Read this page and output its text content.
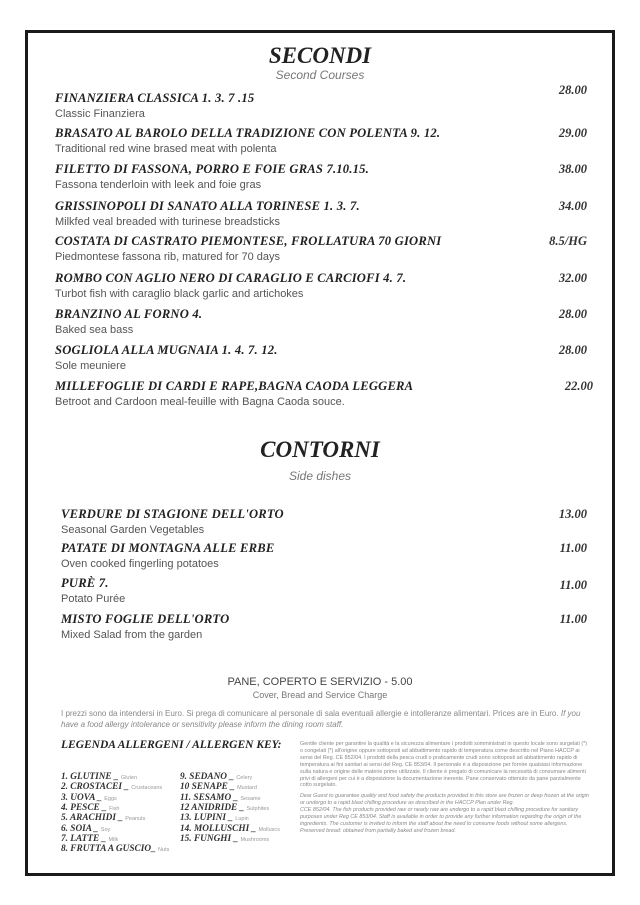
SECONDI
Second Courses
FINANZIERA CLASSICA 1. 3. 7 .15
Classic Finanziera
28.00
BRASATO AL BAROLO DELLA TRADIZIONE CON POLENTA 9. 12.
Traditional red wine brased meat with polenta
29.00
FILETTO DI FASSONA, PORRO E FOIE GRAS 7.10.15.
Fassona tenderloin with leek and foie gras
38.00
GRISSINOPOLI DI SANATO ALLA TORINESE 1. 3. 7.
Milkfed veal breaded with turinese breadsticks
34.00
COSTATA DI CASTRATO PIEMONTESE, FROLLATURA 70 GIORNI
Piedmontese fassona rib, matured for 70 days
8.5/HG
ROMBO CON AGLIO NERO DI CARAGLIO E CARCIOFI 4. 7.
Turbot fish with caraglio black garlic and artichokes
32.00
BRANZINO AL FORNO 4.
Baked sea bass
28.00
SOGLIOLA ALLA MUGNAIA 1. 4. 7. 12.
Sole meuniere
28.00
MILLEFOGLIE DI CARDI E RAPE,BAGNA CAODA LEGGERA
Betroot and Cardoon meal-feuille with Bagna Caoda souce.
22.00
CONTORNI
Side dishes
VERDURE DI STAGIONE DELL'ORTO
Seasonal Garden Vegetables
13.00
PATATE DI MONTAGNA ALLE ERBE
Oven cooked fingerling potatoes
11.00
PURÈ 7.
Potato Purée
11.00
MISTO FOGLIE DELL'ORTO
Mixed Salad from the garden
11.00
PANE, COPERTO E SERVIZIO - 5.00
Cover, Bread and Service Charge
I prezzi sono da intendersi in Euro. Si prega di comunicare al personale di sala eventuali allergie e intolleranze alimentari. Prices are in Euro. If you have a food allergy intolerance or sensitivity please inform the dining room staff.
LEGENDA ALLERGENI / ALLERGEN KEY:
1. GLUTINE _ Gluten
2. CROSTACEI _ Crustaceans
3. UOVA _ Eggs
4. PESCE _ Fish
5. ARACHIDI _ Peanuts
6. SOIA _ Soy
7. LATTE _ Milk
8. FRUTTA A GUSCIO_ Nuts
9. SEDANO _ Celery
10 SENAPE _ Mustard
11. SESAMO _ Sesame
12 ANIDRIDE _ Sulphites
13. LUPINI _ Lupin
14. MOLLUSCHI _ Molluscs
15. FUNGHI _ Mushrooms

Gentile cliente per garantire la qualità e la sicurezza alimentare i prodotti somministrati in questo locale sono surgelati (*) o congelati (*) all'origine oppure sottoposti ad abbattimento rapido di temperatura come descritto nel Piano HACCP ai sensi del Reg. CE 852/04. I prodotti della pesca crudi o praticamente crudi sono sottoposti ad abbattimento rapido di temperatura ai fini sanitari ai sensi del Reg. CE 853/04. Il personale è a disposizione per fornire qualsiasi informazione sulla natura e origine delle materie prime utilizzate. Il cliente è pregato di comunicare la necessità di consumare alimenti privi di allergeni per cui è a disposizione la documentazione inerente. Pane conservato ottenuto da pane parzialmente cotto surgelato.

Dear Guest to guarantee quality and food safety the products provided in this store are frozen or deep frozen at the origin or undergo to a rapid blast chilling procedure as described in the HACCP Plan under Reg.

CCE 852/04. The fish products provided raw or nearly raw are undergo to a rapid blast chilling procedure for sanitary purposes under Reg CE 853/04. Staff is available in order to provide any further information regarding the origin of the ingredients. The customer is invited to inform the staff about the need to consume foods without some allergens. Preserved bread: obtained from partially baked and frozen bread.
